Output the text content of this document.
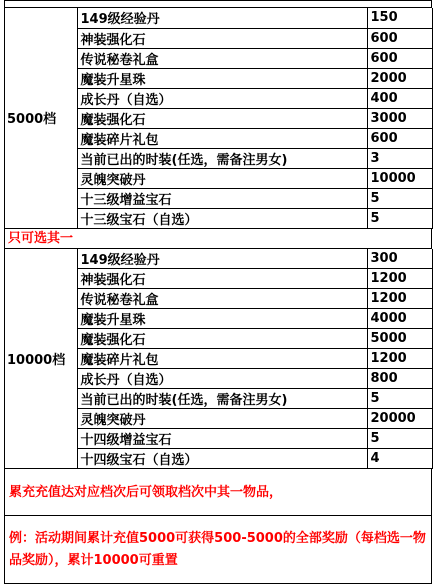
5000档	149级经验丹	150
	神装强化石	600
	传说秘卷礼盒	600
	魔装升星珠	2000
	成长丹（自选）	400
	魔装强化石	3000
	魔装碎片礼包	600
	当前已出的时装(任选，需备注男女)	3
	灵魄突破丹	10000
	十三级增益宝石	5
	十三级宝石（自选）	5
只可选其一
10000档	149级经验丹	300
	神装强化石	1200
	传说秘卷礼盒	1200
	魔装升星珠	4000
	魔装强化石	5000
	魔装碎片礼包	1200
	成长丹（自选）	800
	当前已出的时装(任选，需备注男女)	5
	灵魄突破丹	20000
	十四级增益宝石	5
	十四级宝石（自选）	4
累充充值达对应档次后可领取档次中其一物品，
例：活动期间累计充值5000可获得500-5000的全部奖励（每档选一物品奖励），累计10000可重置
